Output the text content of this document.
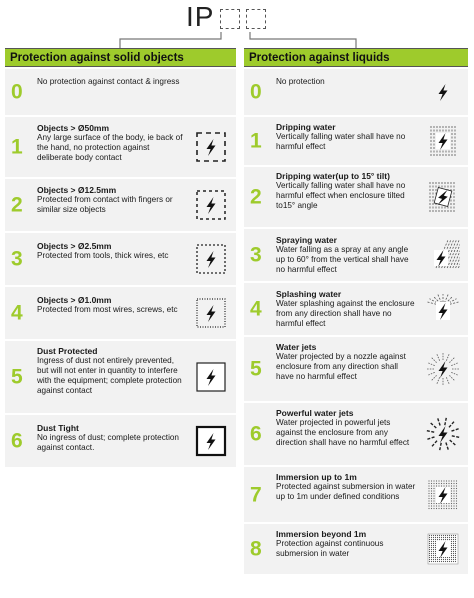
IP
Protection against solid objects
0 No protection against contact & ingress
1
Objects > Ø50mm
Any large surface of the body, ie back of the hand, no protection against deliberate body contact
2
Objects > Ø12.5mm
Protected from contact with fingers or similar size objects
3
Objects > Ø2.5mm
Protected from tools, thick wires, etc
4
Objects > Ø1.0mm
Protected from most wires, screws, etc
5
Dust Protected
Ingress of dust not entirely prevented, but will not enter in quantity to interfere with the equipment; complete protection against contact
6
Dust Tight
No ingress of dust; complete protection against contact.
Protection against liquids
0 No protection
1
Dripping water
Vertically falling water shall have no harmful effect
2
Dripping water(up to 15° tilt)
Vertically falling water shall have no harmful effect when enclosure tilted to15° angle
3
Spraying water
Water falling as a spray at any angle up to 60° from the vertical shall have no harmful effect
4
Splashing water
Water splashing against the enclosure from any direction shall have no harmful effect
5
Water jets
Water projected by a nozzle against enclosure from any direction shall have no harmful effect
6
Powerful water jets
Water projected in powerful jets against the enclosure from any direction shall have no harmful effect
7
Immersion up to 1m
Protected against submersion in water up to 1m under defined conditions
8
Immersion beyond 1m
Protection against continuous submersion in water
